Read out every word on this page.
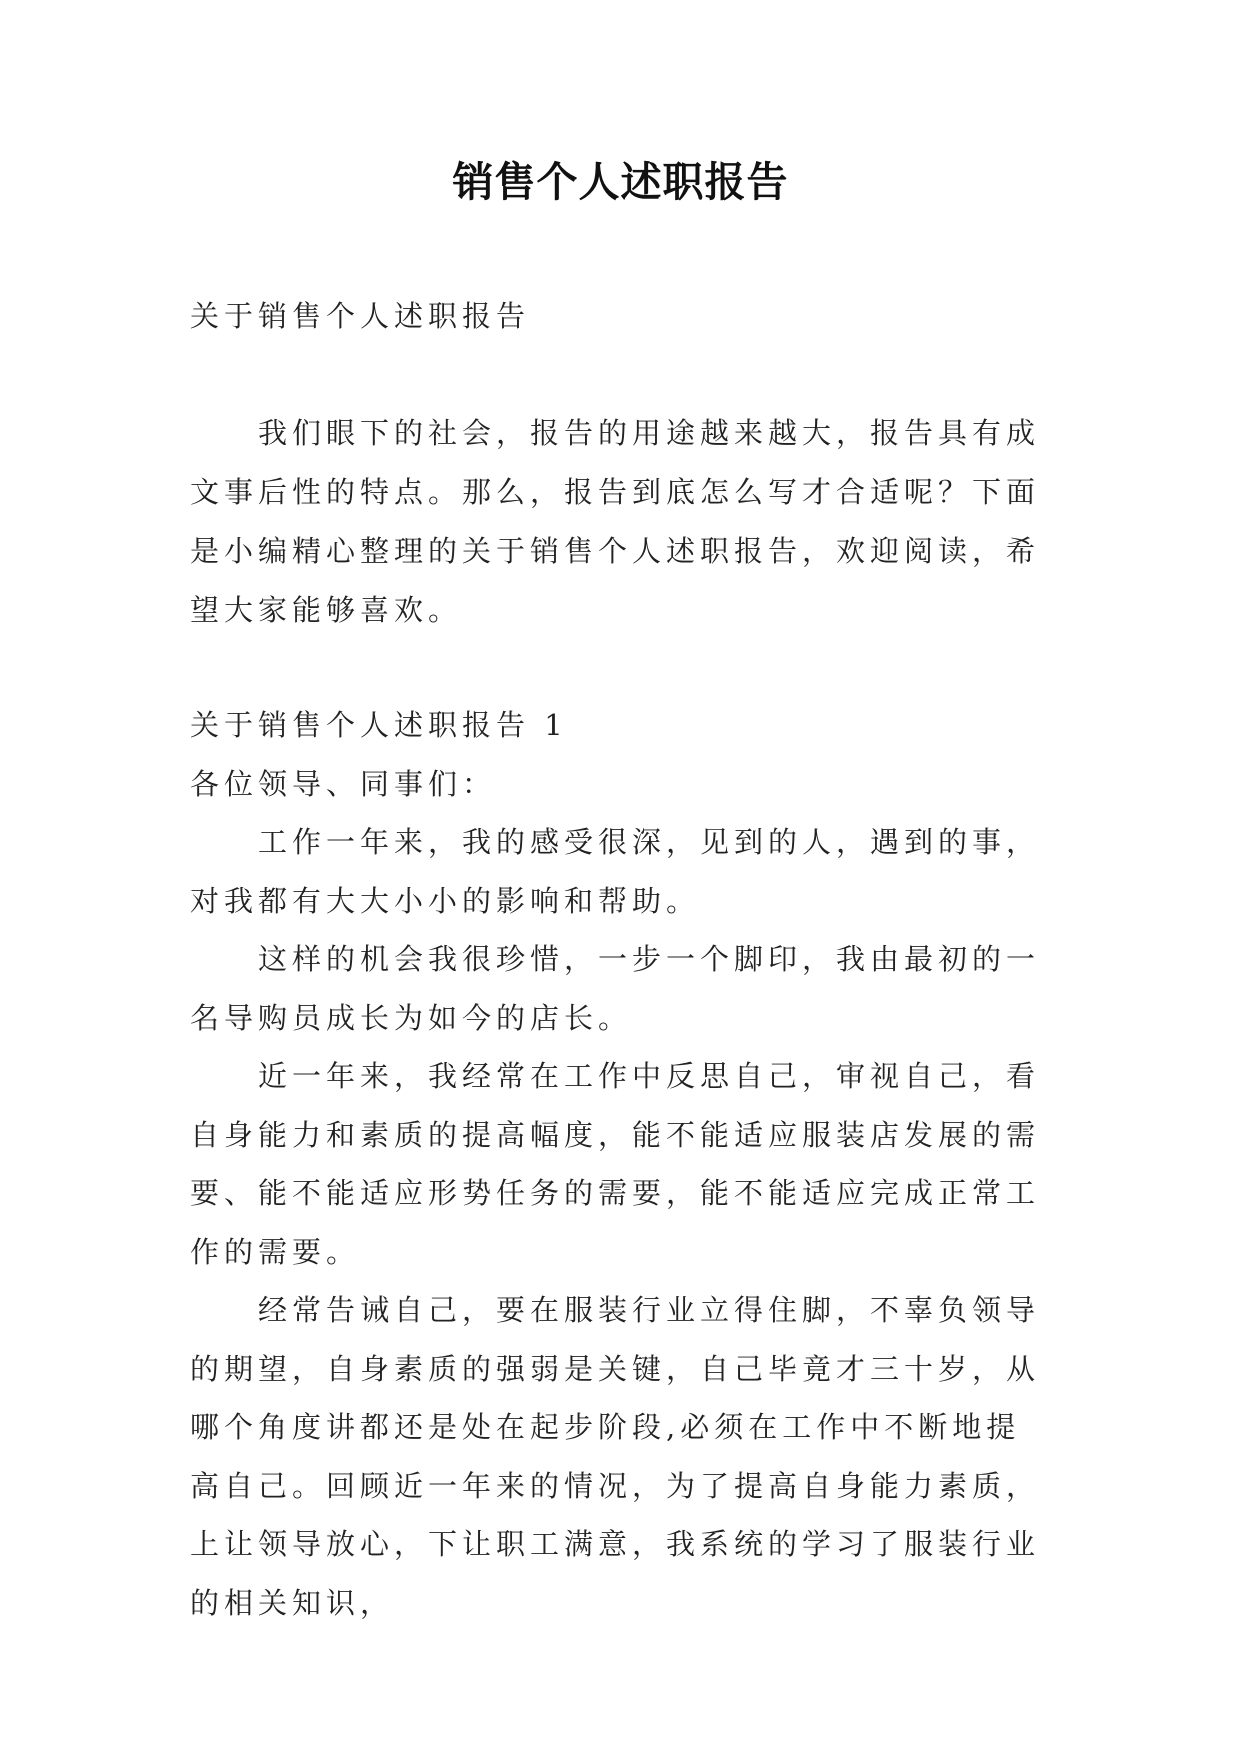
销售个人述职报告
关于销售个人述职报告

我们眼下的社会，报告的用途越来越大，报告具有成文事后性的特点。那么，报告到底怎么写才合适呢？下面是小编精心整理的关于销售个人述职报告，欢迎阅读，希望大家能够喜欢。

关于销售个人述职报告 1

各位领导、同事们：

工作一年来，我的感受很深，见到的人，遇到的事，对我都有大大小小的影响和帮助。

这样的机会我很珍惜，一步一个脚印，我由最初的一名导购员成长为如今的店长。

近一年来，我经常在工作中反思自己，审视自己，看自身能力和素质的提高幅度，能不能适应服装店发展的需要、能不能适应形势任务的需要，能不能适应完成正常工作的需要。

经常告诫自己，要在服装行业立得住脚，不辜负领导的期望，自身素质的强弱是关键，自己毕竟才三十岁，从哪个角度讲都还是处在起步阶段,必须在工作中不断地提高自己。回顾近一年来的情况，为了提高自身能力素质，上让领导放心，下让职工满意，我系统的学习了服装行业的相关知识，
